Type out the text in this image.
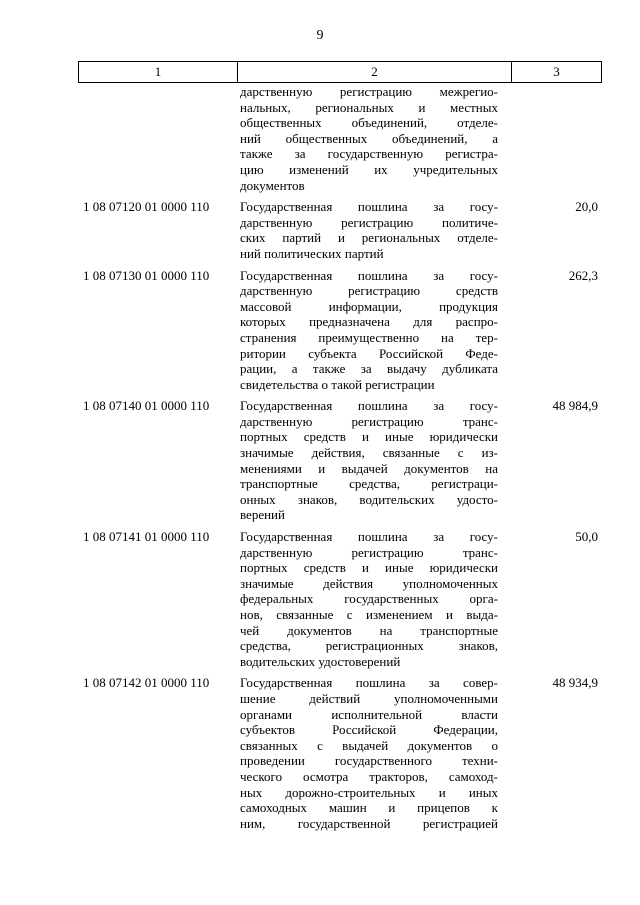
9
1	2	3
дарственную регистрацию межрегио-
нальных, региональных и местных
общественных объединений, отделе-
ний общественных объединений, а
также за государственную регистра-
цию изменений их учредительных
документов
1 08 07120 01 0000 110 Государственная пошлина за госу-
дарственную регистрацию политиче-
ских партий и региональных отделе-
ний политических партий
20,0
1 08 07130 01 0000 110 Государственная пошлина за госу-
дарственную регистрацию средств
массовой информации, продукция
которых предназначена для распро-
странения преимущественно на тер-
ритории субъекта Российской Феде-
рации, а также за выдачу дубликата
свидетельства о такой регистрации
262,3
1 08 07140 01 0000 110 Государственная пошлина за госу-
дарственную регистрацию транс-
портных средств и иные юридически
значимые действия, связанные с из-
менениями и выдачей документов на
транспортные средства, регистраци-
онных знаков, водительских удосто-
верений
48 984,9
1 08 07141 01 0000 110 Государственная пошлина за госу-
дарственную регистрацию транс-
портных средств и иные юридически
значимые действия уполномоченных
федеральных государственных орга-
нов, связанные с изменением и выда-
чей документов на транспортные
средства, регистрационных знаков,
водительских удостоверений
50,0
1 08 07142 01 0000 110 Государственная пошлина за совер-
шение действий уполномоченными
органами исполнительной власти
субъектов Российской Федерации,
связанных с выдачей документов о
проведении государственного техни-
ческого осмотра тракторов, самоход-
ных дорожно-строительных и иных
самоходных машин и прицепов к
ним, государственной регистрацией
48 934,9
